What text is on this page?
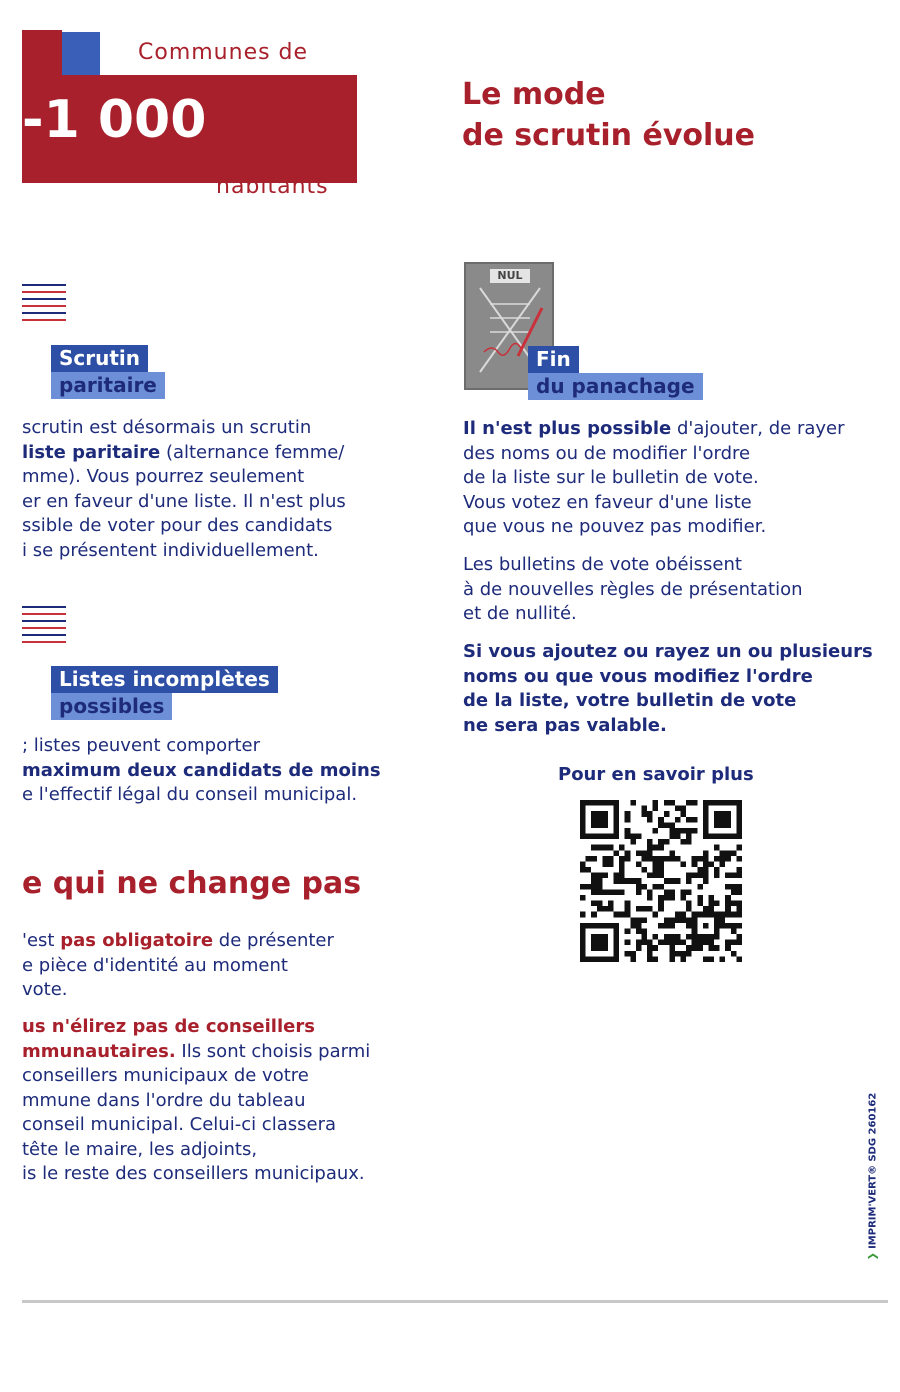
Communes de
-1 000
habitants
Le mode
de scrutin évolue
Scrutin
paritaire
scrutin est désormais un scrutin
liste paritaire (alternance femme/
mme). Vous pourrez seulement
er en faveur d'une liste. Il n'est plus
ssible de voter pour des candidats
i se présentent individuellement.
Listes incomplètes
possibles
; listes peuvent comporter
maximum deux candidats de moins
e l'effectif légal du conseil municipal.
e qui ne change pas
'est pas obligatoire de présenter
e pièce d'identité au moment
vote.
us n'élirez pas de conseillers
mmunautaires. Ils sont choisis parmi
conseillers municipaux de votre
mmune dans l'ordre du tableau
conseil municipal. Celui-ci classera
tête le maire, les adjoints,
is le reste des conseillers municipaux.
NUL
Fin
du panachage
Il n'est plus possible d'ajouter, de rayer
des noms ou de modifier l'ordre
de la liste sur le bulletin de vote.
Vous votez en faveur d'une liste
que vous ne pouvez pas modifier.
Les bulletins de vote obéissent
à de nouvelles règles de présentation
et de nullité.
Si vous ajoutez ou rayez un ou plusieurs
noms ou que vous modifiez l'ordre
de la liste, votre bulletin de vote
ne sera pas valable.
Pour en savoir plus
❯ IMPRIM'VERT® SDG 260162
